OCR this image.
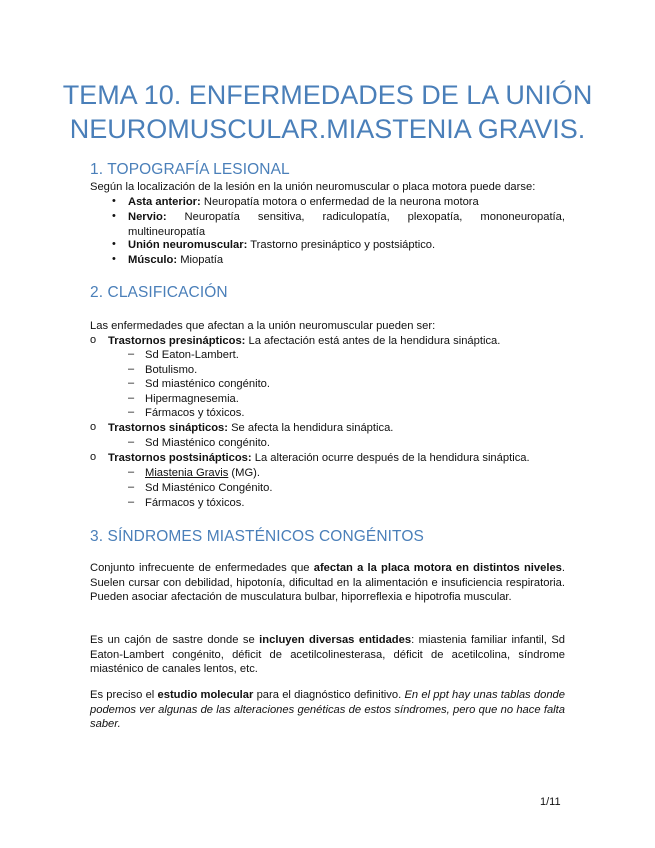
TEMA 10. ENFERMEDADES DE LA UNIÓN
NEUROMUSCULAR.MIASTENIA GRAVIS.
1. TOPOGRAFÍA LESIONAL
Según la localización de la lesión en la unión neuromuscular o placa motora puede darse:
• Asta anterior: Neuropatía motora o enfermedad de la neurona motora
• Nervio: Neuropatía sensitiva, radiculopatía, plexopatía, mononeuropatía, multineuropatía
• Unión neuromuscular: Trastorno presináptico y postsiáptico.
• Músculo: Miopatía
2. CLASIFICACIÓN
Las enfermedades que afectan a la unión neuromuscular pueden ser:
o Trastornos presinápticos: La afectación está antes de la hendidura sináptica.
– Sd Eaton-Lambert.
– Botulismo.
– Sd miasténico congénito.
– Hipermagnesemia.
– Fármacos y tóxicos.
o Trastornos sinápticos: Se afecta la hendidura sináptica.
– Sd Miasténico congénito.
o Trastornos postsinápticos: La alteración ocurre después de la hendidura sináptica.
– Miastenia Gravis (MG).
– Sd Miasténico Congénito.
– Fármacos y tóxicos.
3. SÍNDROMES MIASTÉNICOS CONGÉNITOS
Conjunto infrecuente de enfermedades que afectan a la placa motora en distintos niveles. Suelen cursar con debilidad, hipotonía, dificultad en la alimentación e insuficiencia respiratoria. Pueden asociar afectación de musculatura bulbar, hiporreflexia e hipotrofia muscular.
Es un cajón de sastre donde se incluyen diversas entidades: miastenia familiar infantil, Sd Eaton-Lambert congénito, déficit de acetilcolinesterasa, déficit de acetilcolina, síndrome miasténico de canales lentos, etc.
Es preciso el estudio molecular para el diagnóstico definitivo. En el ppt hay unas tablas donde podemos ver algunas de las alteraciones genéticas de estos síndromes, pero que no hace falta saber.
1/11
